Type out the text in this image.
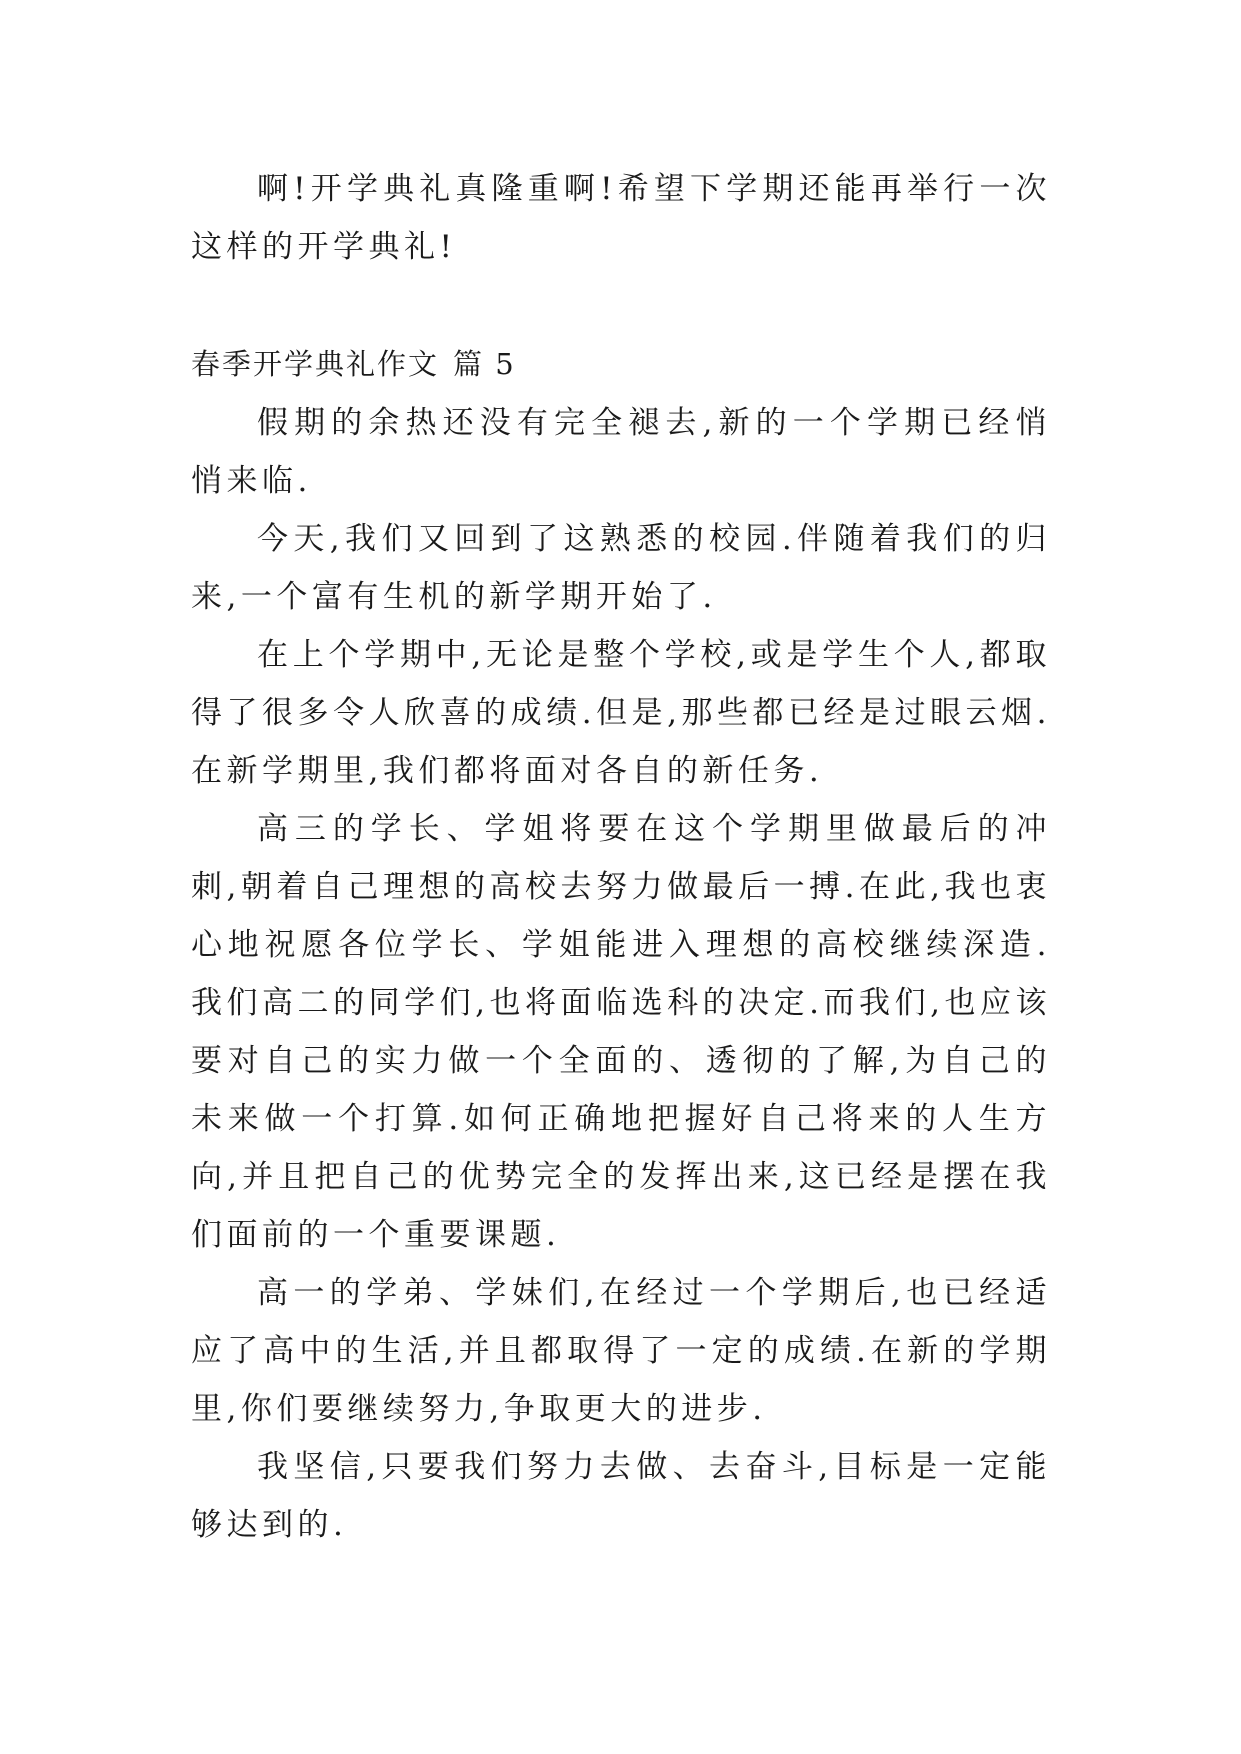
啊!开学典礼真隆重啊!希望下学期还能再举行一次这样的开学典礼!

春季开学典礼作文 篇 5

假期的余热还没有完全褪去,新的一个学期已经悄悄来临.

今天,我们又回到了这熟悉的校园.伴随着我们的归来,一个富有生机的新学期开始了.

在上个学期中,无论是整个学校,或是学生个人,都取得了很多令人欣喜的成绩.但是,那些都已经是过眼云烟.在新学期里,我们都将面对各自的新任务.

高三的学长、学姐将要在这个学期里做最后的冲刺,朝着自己理想的高校去努力做最后一搏.在此,我也衷心地祝愿各位学长、学姐能进入理想的高校继续深造.我们高二的同学们,也将面临选科的决定.而我们,也应该要对自己的实力做一个全面的、透彻的了解,为自己的未来做一个打算.如何正确地把握好自己将来的人生方向,并且把自己的优势完全的发挥出来,这已经是摆在我们面前的一个重要课题.

高一的学弟、学妹们,在经过一个学期后,也已经适应了高中的生活,并且都取得了一定的成绩.在新的学期里,你们要继续努力,争取更大的进步.

我坚信,只要我们努力去做、去奋斗,目标是一定能够达到的.
